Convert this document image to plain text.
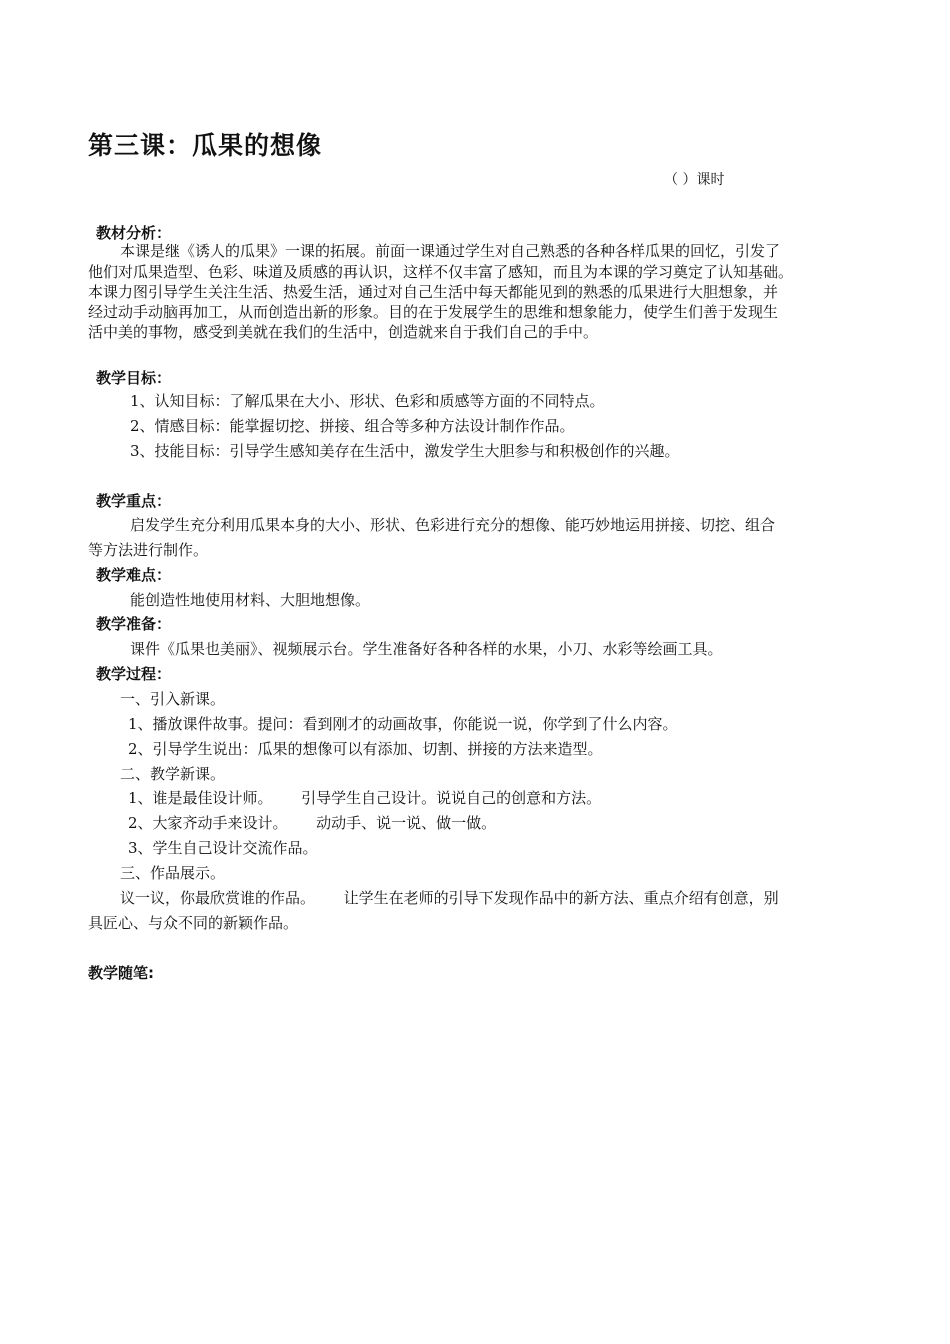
第三课：瓜果的想像
（ ）课时
教材分析：
本课是继《诱人的瓜果》一课的拓展。前面一课通过学生对自己熟悉的各种各样瓜果的回忆，引发了
他们对瓜果造型、色彩、味道及质感的再认识，这样不仅丰富了感知，而且为本课的学习奠定了认知基础。
本课力图引导学生关注生活、热爱生活，通过对自己生活中每天都能见到的熟悉的瓜果进行大胆想象，并
经过动手动脑再加工，从而创造出新的形象。目的在于发展学生的思维和想象能力，使学生们善于发现生
活中美的事物，感受到美就在我们的生活中，创造就来自于我们自己的手中。
教学目标：
1、认知目标：了解瓜果在大小、形状、色彩和质感等方面的不同特点。
2、情感目标：能掌握切挖、拼接、组合等多种方法设计制作作品。
3、技能目标：引导学生感知美存在生活中，激发学生大胆参与和积极创作的兴趣。
教学重点：
启发学生充分利用瓜果本身的大小、形状、色彩进行充分的想像、能巧妙地运用拼接、切挖、组合
等方法进行制作。
教学难点：
能创造性地使用材料、大胆地想像。
教学准备：
课件《瓜果也美丽》、视频展示台。学生准备好各种各样的水果，小刀、水彩等绘画工具。
教学过程：
一、引入新课。
1、播放课件故事。提问：看到刚才的动画故事，你能说一说，你学到了什么内容。
2、引导学生说出：瓜果的想像可以有添加、切割、拼接的方法来造型。
二、教学新课。
1、谁是最佳设计师。      引导学生自己设计。说说自己的创意和方法。
2、大家齐动手来设计。      动动手、说一说、做一做。
3、学生自己设计交流作品。
三、作品展示。
议一议，你最欣赏谁的作品。      让学生在老师的引导下发现作品中的新方法、重点介绍有创意，别
具匠心、与众不同的新颖作品。
教学随笔:
